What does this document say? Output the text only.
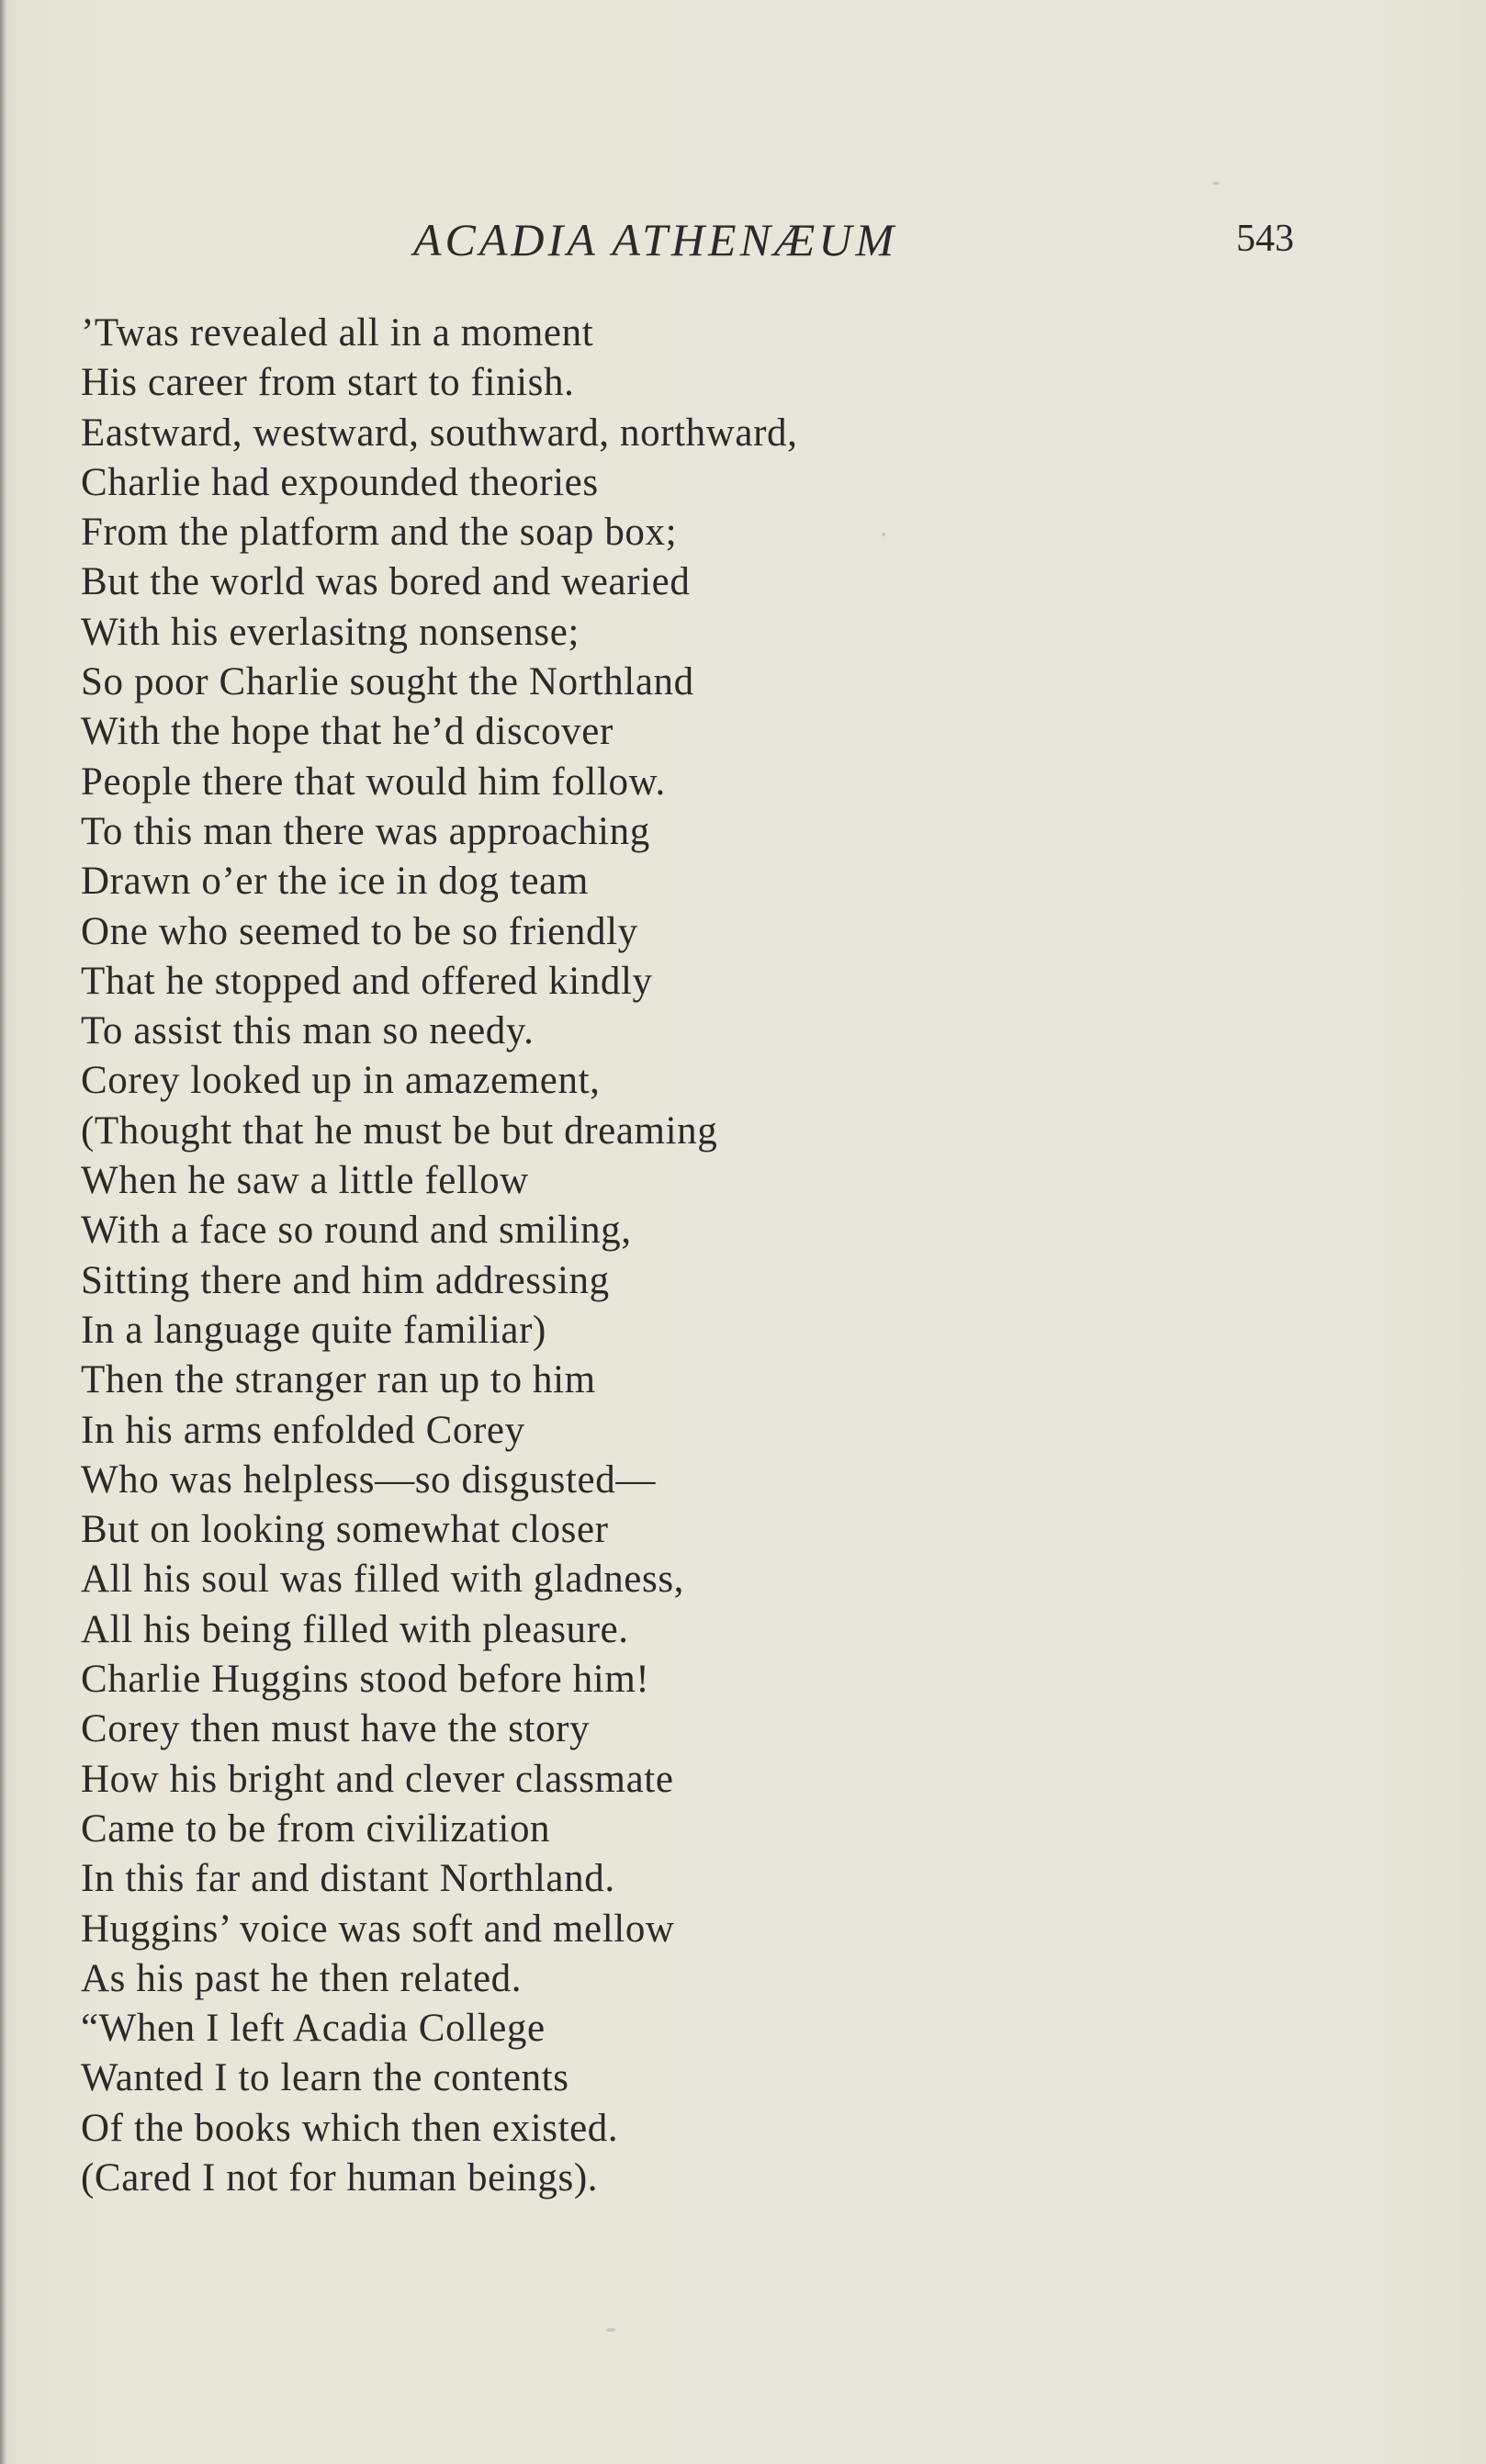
ACADIA ATHENÆUM	543
’Twas revealed all in a moment
His career from start to finish.
Eastward, westward, southward, northward,
Charlie had expounded theories
From the platform and the soap box;
But the world was bored and wearied
With his everlasitng nonsense;
So poor Charlie sought the Northland
With the hope that he’d discover
People there that would him follow.
To this man there was approaching
Drawn o’er the ice in dog team
One who seemed to be so friendly
That he stopped and offered kindly
To assist this man so needy.
Corey looked up in amazement,
(Thought that he must be but dreaming
When he saw a little fellow
With a face so round and smiling,
Sitting there and him addressing
In a language quite familiar)
Then the stranger ran up to him
In his arms enfolded Corey
Who was helpless—so disgusted—
But on looking somewhat closer
All his soul was filled with gladness,
All his being filled with pleasure.
Charlie Huggins stood before him!
Corey then must have the story
How his bright and clever classmate
Came to be from civilization
In this far and distant Northland.
Huggins’ voice was soft and mellow
As his past he then related.
“When I left Acadia College
Wanted I to learn the contents
Of the books which then existed.
(Cared I not for human beings).
